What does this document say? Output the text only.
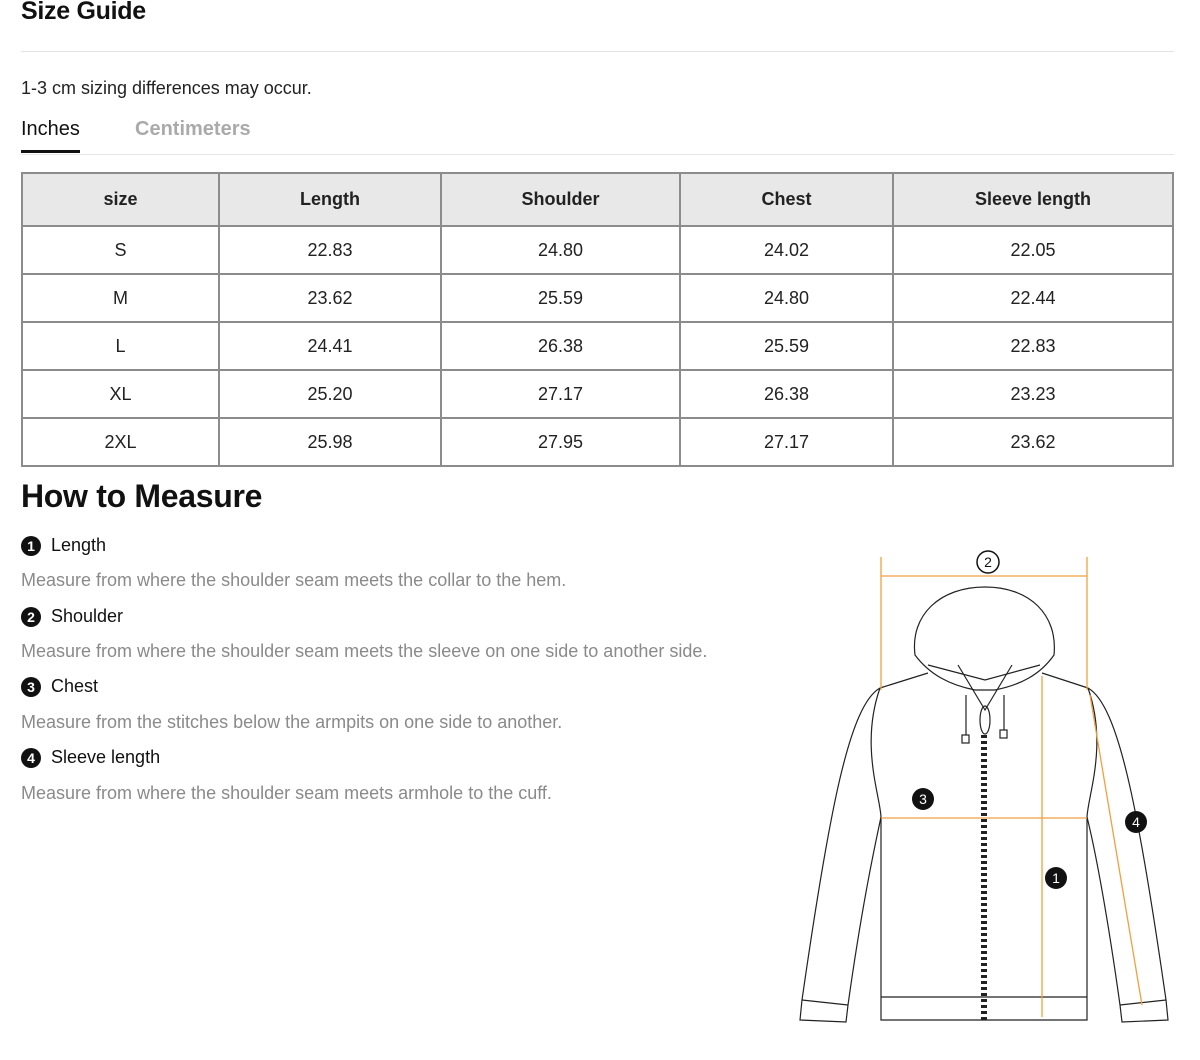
Size Guide
1-3 cm sizing differences may occur.
Inches	Centimeters
size	Length	Shoulder	Chest	Sleeve length
S	22.83	24.80	24.02	22.05
M	23.62	25.59	24.80	22.44
L	24.41	26.38	25.59	22.83
XL	25.20	27.17	26.38	23.23
2XL	25.98	27.95	27.17	23.62
How to Measure
1 Length
Measure from where the shoulder seam meets the collar to the hem.
2 Shoulder
Measure from where the shoulder seam meets the sleeve on one side to another side.
3 Chest
Measure from the stitches below the armpits on one side to another.
4 Sleeve length
Measure from where the shoulder seam meets armhole to the cuff.
2
3
1
4
